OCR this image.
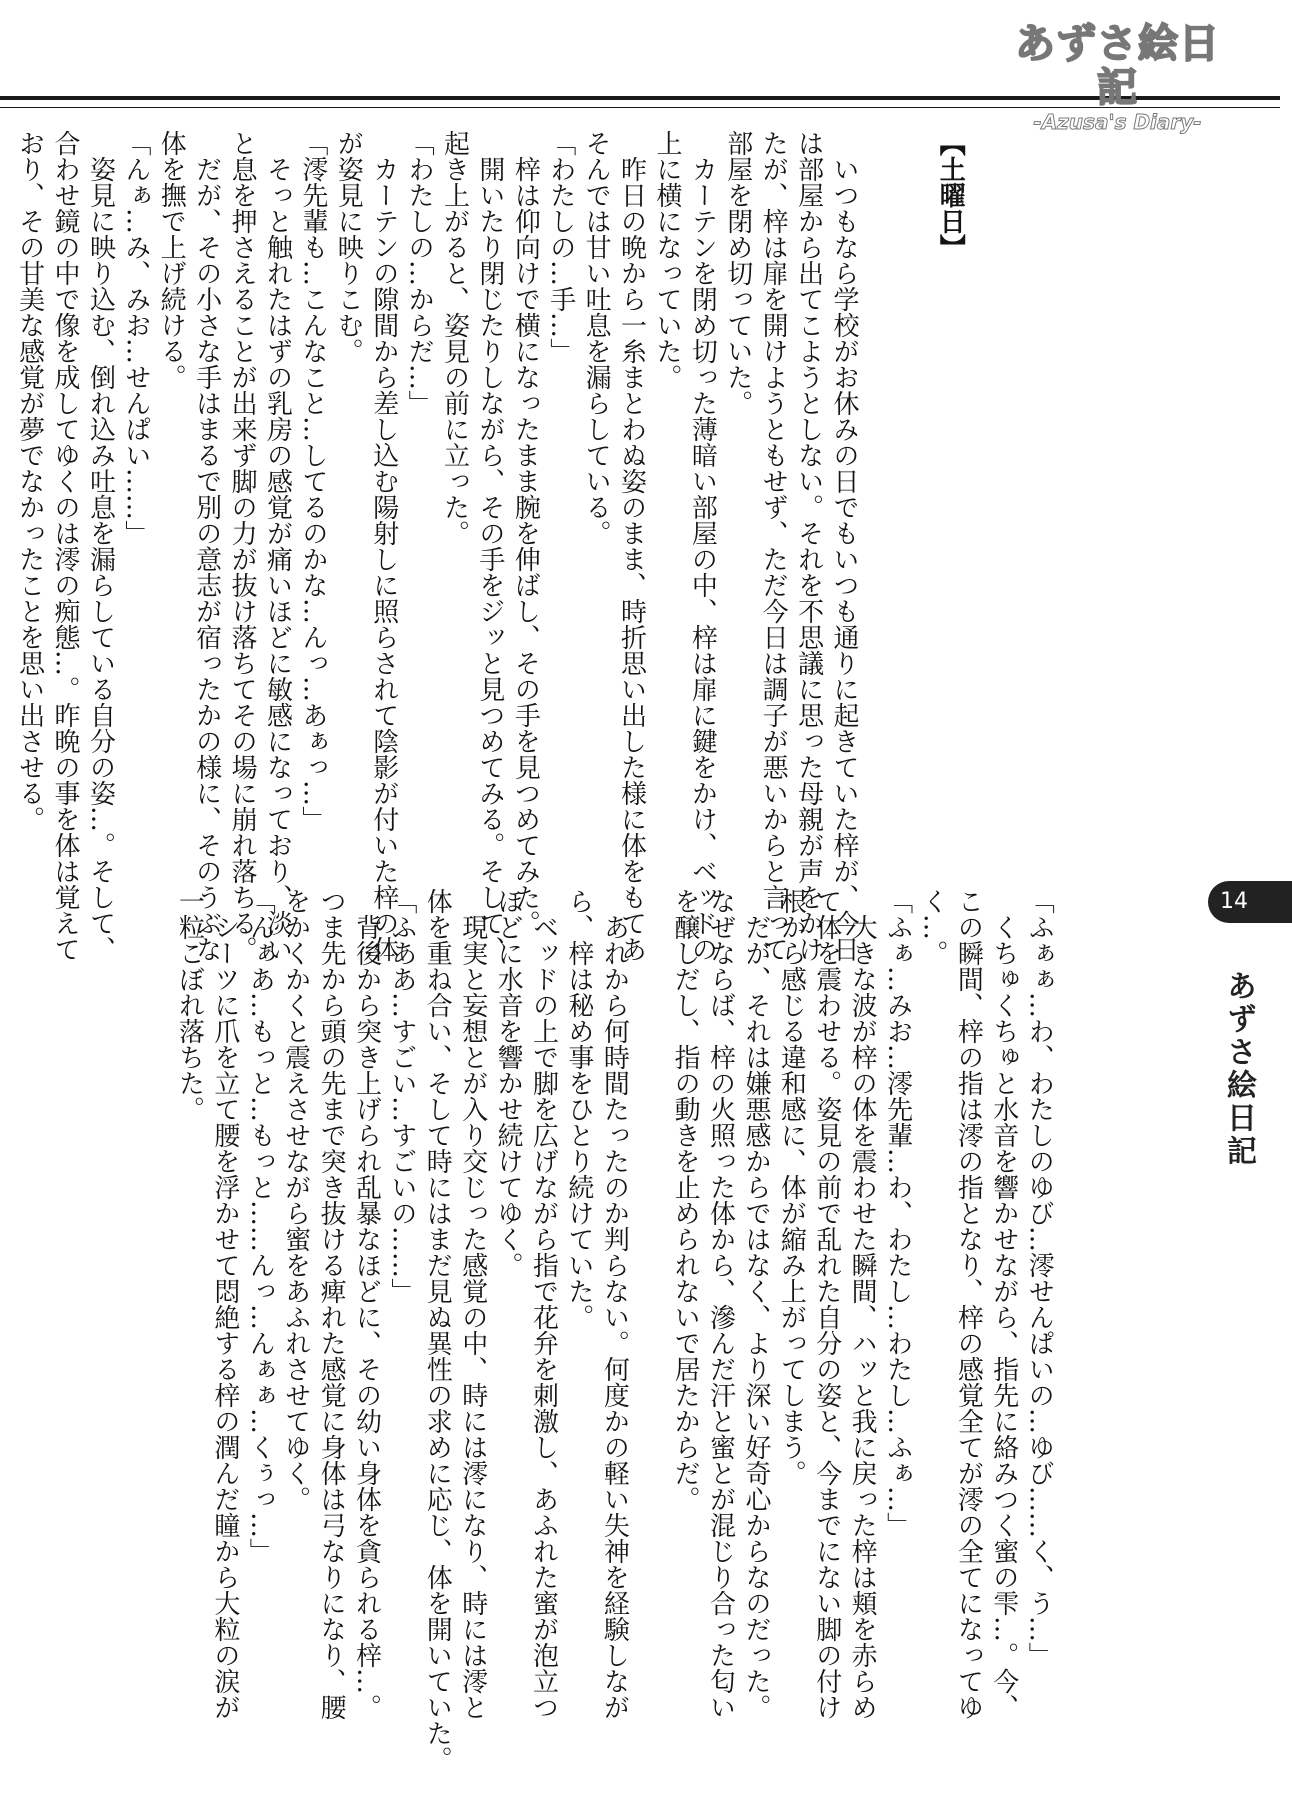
あずさ絵日記
-Azusa's Diary-
14
あずさ絵日記

【土曜日】

　いつもなら学校がお休みの日でもいつも通りに起きていた梓が、今日
は部屋から出てこようとしない。それを不思議に思った母親が声をかけ
たが、梓は扉を開けようともせず、ただ今日は調子が悪いからと言って
部屋を閉め切っていた。
　カーテンを閉め切った薄暗い部屋の中、梓は扉に鍵をかけ、ベッドの
上に横になっていた。
　昨日の晩から一糸まとわぬ姿のまま、時折思い出した様に体をもてあ
そんでは甘い吐息を漏らしている。
「わたしの…手…」
　梓は仰向けで横になったまま腕を伸ばし、その手を見つめてみた。
　開いたり閉じたりしながら、その手をジッと見つめてみる。そして、
起き上がると、姿見の前に立った。
「わたしの…からだ…」
　カーテンの隙間から差し込む陽射しに照らされて陰影が付いた梓の体
が姿見に映りこむ。
「澪先輩も…こんなこと…してるのかな…んっ…あぁっ…」
　そっと触れたはずの乳房の感覚が痛いほどに敏感になっており、淡い
と息を押さえることが出来ず脚の力が抜け落ちてその場に崩れ落ちる。
　だが、その小さな手はまるで別の意志が宿ったかの様に、そのうぶな
体を撫で上げ続ける。
「んぁ…み、みお…せんぱい……」
　姿見に映り込む、倒れ込み吐息を漏らしている自分の姿…。そして、
合わせ鏡の中で像を成してゆくのは澪の痴態…。昨晩の事を体は覚えて
おり、その甘美な感覚が夢でなかったことを思い出させる。

「ふぁぁ…わ、わたしのゆび…澪せんぱいの…ゆび……く、う…」
　くちゅくちゅと水音を響かせながら、指先に絡みつく蜜の雫…。今、
この瞬間、梓の指は澪の指となり、梓の感覚全てが澪の全てになってゆ
く…。
「ふぁ…みお…澪先輩…わ、わたし…わたし…ふぁ…」
　大きな波が梓の体を震わせた瞬間、ハッと我に戻った梓は頬を赤らめ
て体を震わせる。姿見の前で乱れた自分の姿と、今までにない脚の付け
根から感じる違和感に、体が縮み上がってしまう。
　だが、それは嫌悪感からではなく、より深い好奇心からなのだった。
なぜならば、梓の火照った体から、滲んだ汗と蜜とが混じり合った匂い
を醸しだし、指の動きを止められないで居たからだ。

　あれから何時間たったのか判らない。何度かの軽い失神を経験しなが
ら、梓は秘め事をひとり続けていた。
　ベッドの上で脚を広げながら指で花弁を刺激し、あふれた蜜が泡立つ
ほどに水音を響かせ続けてゆく。
　現実と妄想とが入り交じった感覚の中、時には澪になり、時には澪と
体を重ね合い、そして時にはまだ見ぬ異性の求めに応じ、体を開いていた。
「ふああ…すごい…すごいの……」
　背後から突き上げられ乱暴なほどに、その幼い身体を貪られる梓…。
つま先から頭の先まで突き抜ける痺れた感覚に身体は弓なりになり、腰
をかくかくと震えさせながら蜜をあふれさせてゆく。
「んぁあ…もっと…もっと……んっ…んぁぁ…くぅっ…」
　シーツに爪を立て腰を浮かせて悶絶する梓の潤んだ瞳から大粒の涙が
一粒こぼれ落ちた。
